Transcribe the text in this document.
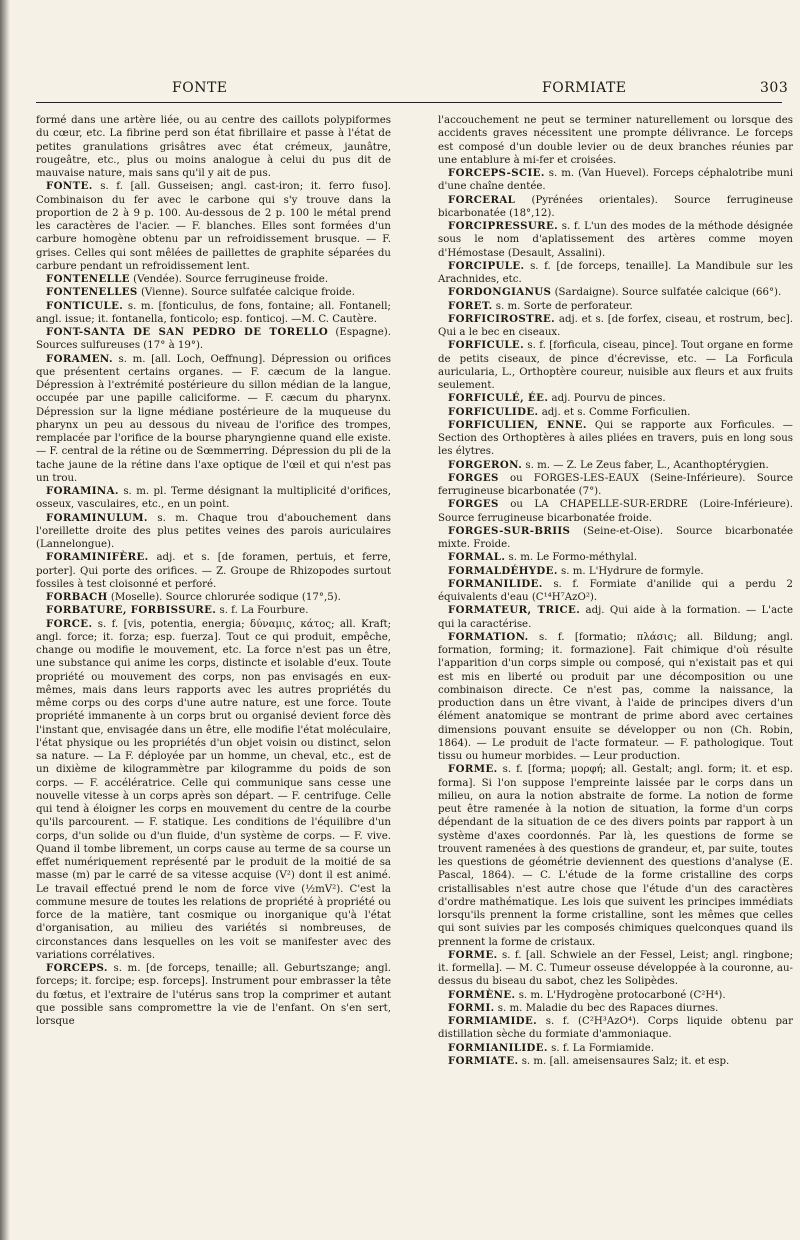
FONTE	FORMIATE	303

formé dans une artère liée, ou au centre des caillots polypiformes du cœur, etc. La fibrine perd son état fibrillaire et passe à l'état de petites granulations grisâtres avec état crémeux, jaunâtre, rougeâtre, etc., plus ou moins analogue à celui du pus dit de mauvaise nature, mais sans qu'il y ait de pus.

FONTE. s. f. [all. Gusseisen; angl. cast-iron; it. ferro fuso]. Combinaison du fer avec le carbone qui s'y trouve dans la proportion de 2 à 9 p. 100. Au-dessous de 2 p. 100 le métal prend les caractères de l'acier. — F. blanches. Elles sont formées d'un carbure homogène obtenu par un refroidissement brusque. — F. grises. Celles qui sont mêlées de paillettes de graphite séparées du carbure pendant un refroidissement lent.

FONTENELLE (Vendée). Source ferrugineuse froide.

FONTENELLES (Vienne). Source sulfatée calcique froide.

FONTICULE. s. m. [fonticulus, de fons, fontaine; all. Fontanell; angl. issue; it. fontanella, fonticolo; esp. fonticoj. —M. C. Cautère.

FONT-SANTA DE SAN PEDRO DE TORELLO (Espagne). Sources sulfureuses (17° à 19°).

FORAMEN. s. m. [all. Loch, Oeffnung]. Dépression ou orifices que présentent certains organes. — F. cæcum de la langue. Dépression à l'extrémité postérieure du sillon médian de la langue, occupée par une papille caliciforme. — F. cæcum du pharynx. Dépression sur la ligne médiane postérieure de la muqueuse du pharynx un peu au dessous du niveau de l'orifice des trompes, remplacée par l'orifice de la bourse pharyngienne quand elle existe. — F. central de la rétine ou de Sœmmerring. Dépression du pli de la tache jaune de la rétine dans l'axe optique de l'œil et qui n'est pas un trou.

FORAMINA. s. m. pl. Terme désignant la multiplicité d'orifices, osseux, vasculaires, etc., en un point.

FORAMINULUM. s. m. Chaque trou d'abouchement dans l'oreillette droite des plus petites veines des parois auriculaires (Lannelongue).

FORAMINIFÈRE. adj. et s. [de foramen, pertuis, et ferre, porter]. Qui porte des orifices. — Z. Groupe de Rhizopodes surtout fossiles à test cloisonné et perforé.

FORBACH (Moselle). Source chlorurée sodique (17°,5).

FORBATURE, FORBISSURE. s. f. La Fourbure.

FORCE. s. f. [vis, potentia, energia; δύναμις, κάτος; all. Kraft; angl. force; it. forza; esp. fuerza]. Tout ce qui produit, empêche, change ou modifie le mouvement, etc. La force n'est pas un être, une substance qui anime les corps, distincte et isolable d'eux. Toute propriété ou mouvement des corps, non pas envisagés en eux-mêmes, mais dans leurs rapports avec les autres propriétés du même corps ou des corps d'une autre nature, est une force. Toute propriété immanente à un corps brut ou organisé devient force dès l'instant que, envisagée dans un être, elle modifie l'état moléculaire, l'état physique ou les propriétés d'un objet voisin ou distinct, selon sa nature. — La F. déployée par un homme, un cheval, etc., est de un dixième de kilogrammètre par kilogramme du poids de son corps. — F. accélératrice. Celle qui communique sans cesse une nouvelle vitesse à un corps après son départ. — F. centrifuge. Celle qui tend à éloigner les corps en mouvement du centre de la courbe qu'ils parcourent. — F. statique. Les conditions de l'équilibre d'un corps, d'un solide ou d'un fluide, d'un système de corps. — F. vive. Quand il tombe librement, un corps cause au terme de sa course un effet numériquement représenté par le produit de la moitié de sa masse (m) par le carré de sa vitesse acquise (V²) dont il est animé. Le travail effectué prend le nom de force vive (½mV²). C'est la commune mesure de toutes les relations de propriété à propriété ou force de la matière, tant cosmique ou inorganique qu'à l'état d'organisation, au milieu des variétés si nombreuses, de circonstances dans lesquelles on les voit se manifester avec des variations corrélatives.

FORCEPS. s. m. [de forceps, tenaille; all. Geburtszange; angl. forceps; it. forcipe; esp. forceps]. Instrument pour embrasser la tête du fœtus, et l'extraire de l'utérus sans trop la comprimer et autant que possible sans compromettre la vie de l'enfant. On s'en sert, lorsque

l'accouchement ne peut se terminer naturellement ou lorsque des accidents graves nécessitent une prompte délivrance. Le forceps est composé d'un double levier ou de deux branches réunies par une entablure à mi-fer et croisées.

FORCEPS-SCIE. s. m. (Van Huevel). Forceps céphalotribe muni d'une chaîne dentée.

FORCERAL (Pyrénées orientales). Source ferrugineuse bicarbonatée (18°,12).

FORCIPRESSURE. s. f. L'un des modes de la méthode désignée sous le nom d'aplatissement des artères comme moyen d'Hémostase (Desault, Assalini).

FORCIPULE. s. f. [de forceps, tenaille]. La Mandibule sur les Arachnides, etc.

FORDONGIANUS (Sardaigne). Source sulfatée calcique (66°).

FORET. s. m. Sorte de perforateur.

FORFICIROSTRE. adj. et s. [de forfex, ciseau, et rostrum, bec]. Qui a le bec en ciseaux.

FORFICULE. s. f. [forficula, ciseau, pince]. Tout organe en forme de petits ciseaux, de pince d'écrevisse, etc. — La Forficula auricularia, L., Orthoptère coureur, nuisible aux fleurs et aux fruits seulement.

FORFICULÉ, ÉE. adj. Pourvu de pinces.

FORFICULIDE. adj. et s. Comme Forficulien.

FORFICULIEN, ENNE. Qui se rapporte aux Forficules. — Section des Orthoptères à ailes pliées en travers, puis en long sous les élytres.

FORGERON. s. m. — Z. Le Zeus faber, L., Acanthoptérygien.

FORGES ou FORGES-LES-EAUX (Seine-Inférieure). Source ferrugineuse bicarbonatée (7°).

FORGES ou LA CHAPELLE-SUR-ERDRE (Loire-Inférieure). Source ferrugineuse bicarbonatée froide.

FORGES-SUR-BRIIS (Seine-et-Oise). Source bicarbonatée mixte. Froide.

FORMAL. s. m. Le Formo-méthylal.

FORMALDÉHYDE. s. m. L'Hydrure de formyle.

FORMANILIDE. s. f. Formiate d'anilide qui a perdu 2 équivalents d'eau (C¹⁴H⁷AzO²).

FORMATEUR, TRICE. adj. Qui aide à la formation. — L'acte qui la caractérise.

FORMATION. s. f. [formatio; πλάσις; all. Bildung; angl. formation, forming; it. formazione]. Fait chimique d'où résulte l'apparition d'un corps simple ou composé, qui n'existait pas et qui est mis en liberté ou produit par une décomposition ou une combinaison directe. Ce n'est pas, comme la naissance, la production dans un être vivant, à l'aide de principes divers d'un élément anatomique se montrant de prime abord avec certaines dimensions pouvant ensuite se développer ou non (Ch. Robin, 1864). — Le produit de l'acte formateur. — F. pathologique. Tout tissu ou humeur morbides. — Leur production.

FORME. s. f. [forma; μορφή; all. Gestalt; angl. form; it. et esp. forma]. Si l'on suppose l'empreinte laissée par le corps dans un milieu, on aura la notion abstraite de forme. La notion de forme peut être ramenée à la notion de situation, la forme d'un corps dépendant de la situation de ce des divers points par rapport à un système d'axes coordonnés. Par là, les questions de forme se trouvent ramenées à des questions de grandeur, et, par suite, toutes les questions de géométrie deviennent des questions d'analyse (E. Pascal, 1864). — C. L'étude de la forme cristalline des corps cristallisables n'est autre chose que l'étude d'un des caractères d'ordre mathématique. Les lois que suivent les principes immédiats lorsqu'ils prennent la forme cristalline, sont les mêmes que celles qui sont suivies par les composés chimiques quelconques quand ils prennent la forme de cristaux.

FORME. s. f. [all. Schwiele an der Fessel, Leist; angl. ringbone; it. formella]. — M. C. Tumeur osseuse développée à la couronne, au-dessus du biseau du sabot, chez les Solipèdes.

FORMÈNE. s. m. L'Hydrogène protocarboné (C²H⁴).

FORMI. s. m. Maladie du bec des Rapaces diurnes.

FORMIAMIDE. s. f. (C²H³AzO⁴). Corps liquide obtenu par distillation sèche du formiate d'ammoniaque.

FORMIANILIDE. s. f. La Formiamide.

FORMIATE. s. m. [all. ameisensaures Salz; it. et esp.
